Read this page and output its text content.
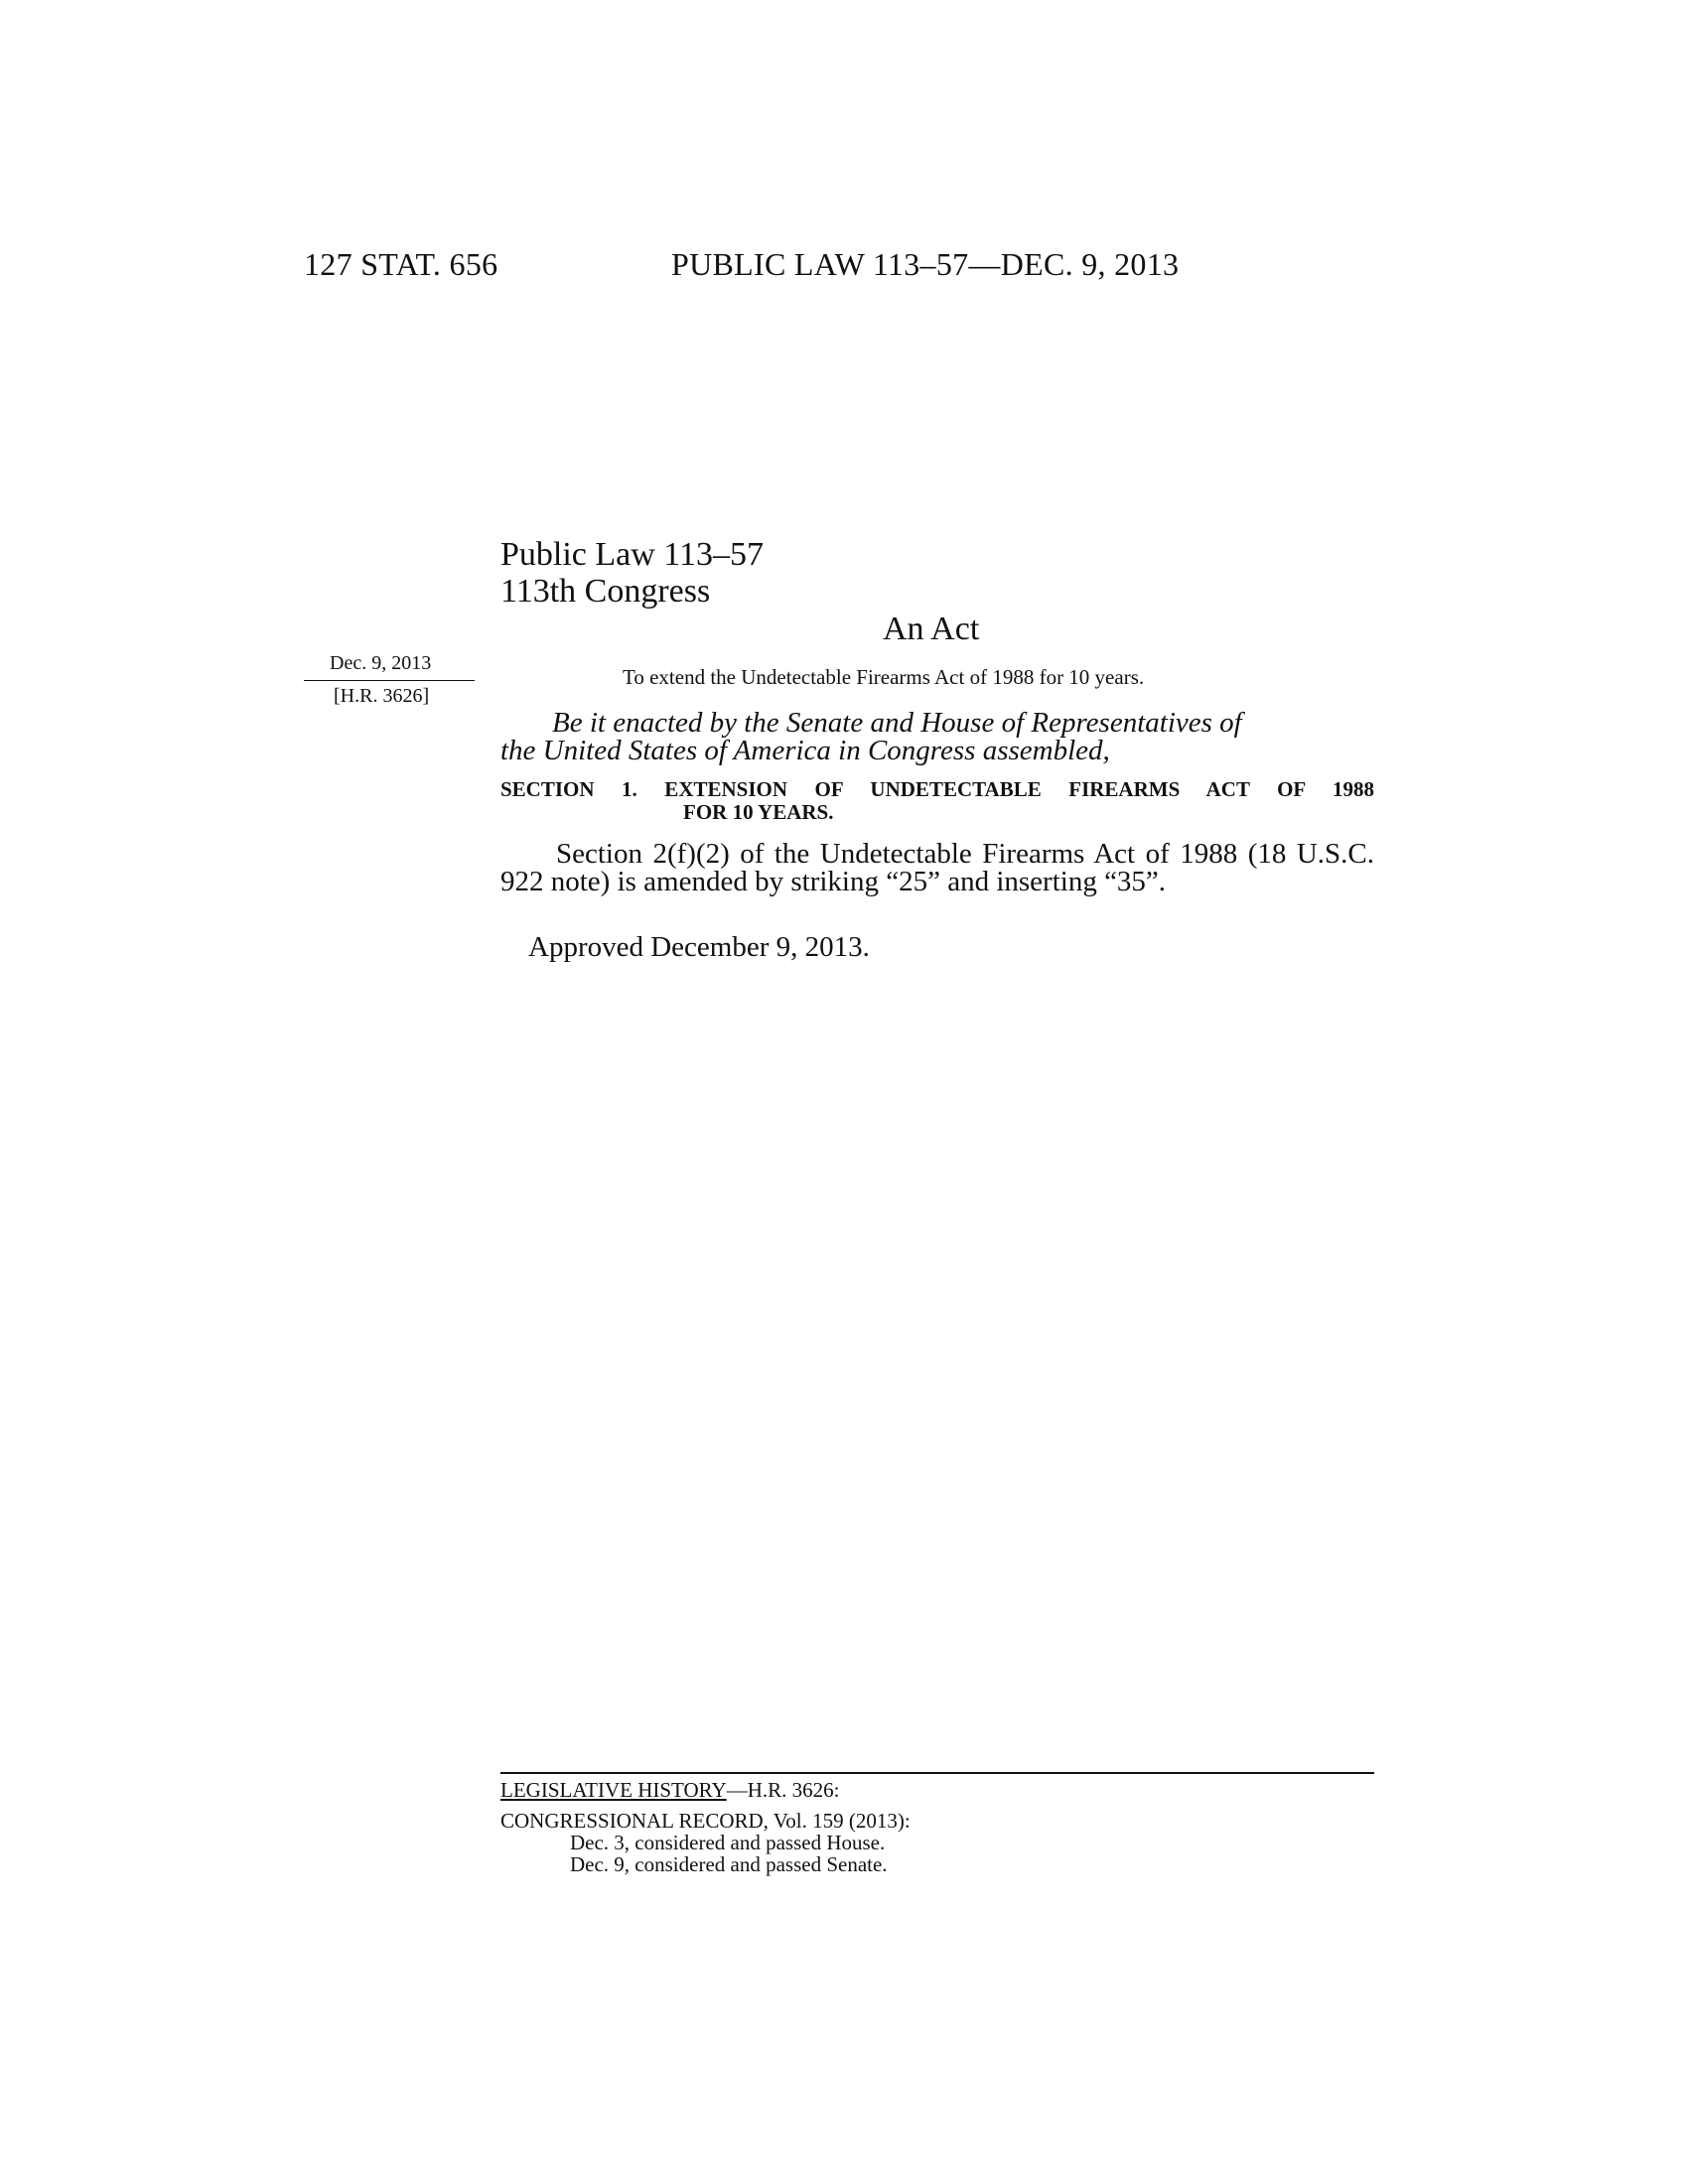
127 STAT. 656	PUBLIC LAW 113–57—DEC. 9, 2013
Public Law 113–57
113th Congress
An Act
Dec. 9, 2013
[H.R. 3626]
To extend the Undetectable Firearms Act of 1988 for 10 years.
Be it enacted by the Senate and House of Representatives of
the United States of America in Congress assembled,
SECTION 1. EXTENSION OF UNDETECTABLE FIREARMS ACT OF 1988
FOR 10 YEARS.
Section 2(f)(2) of the Undetectable Firearms Act of 1988 (18 U.S.C. 922 note) is amended by striking “25” and inserting “35”.
Approved December 9, 2013.
LEGISLATIVE HISTORY—H.R. 3626:
CONGRESSIONAL RECORD, Vol. 159 (2013):
Dec. 3, considered and passed House.
Dec. 9, considered and passed Senate.
